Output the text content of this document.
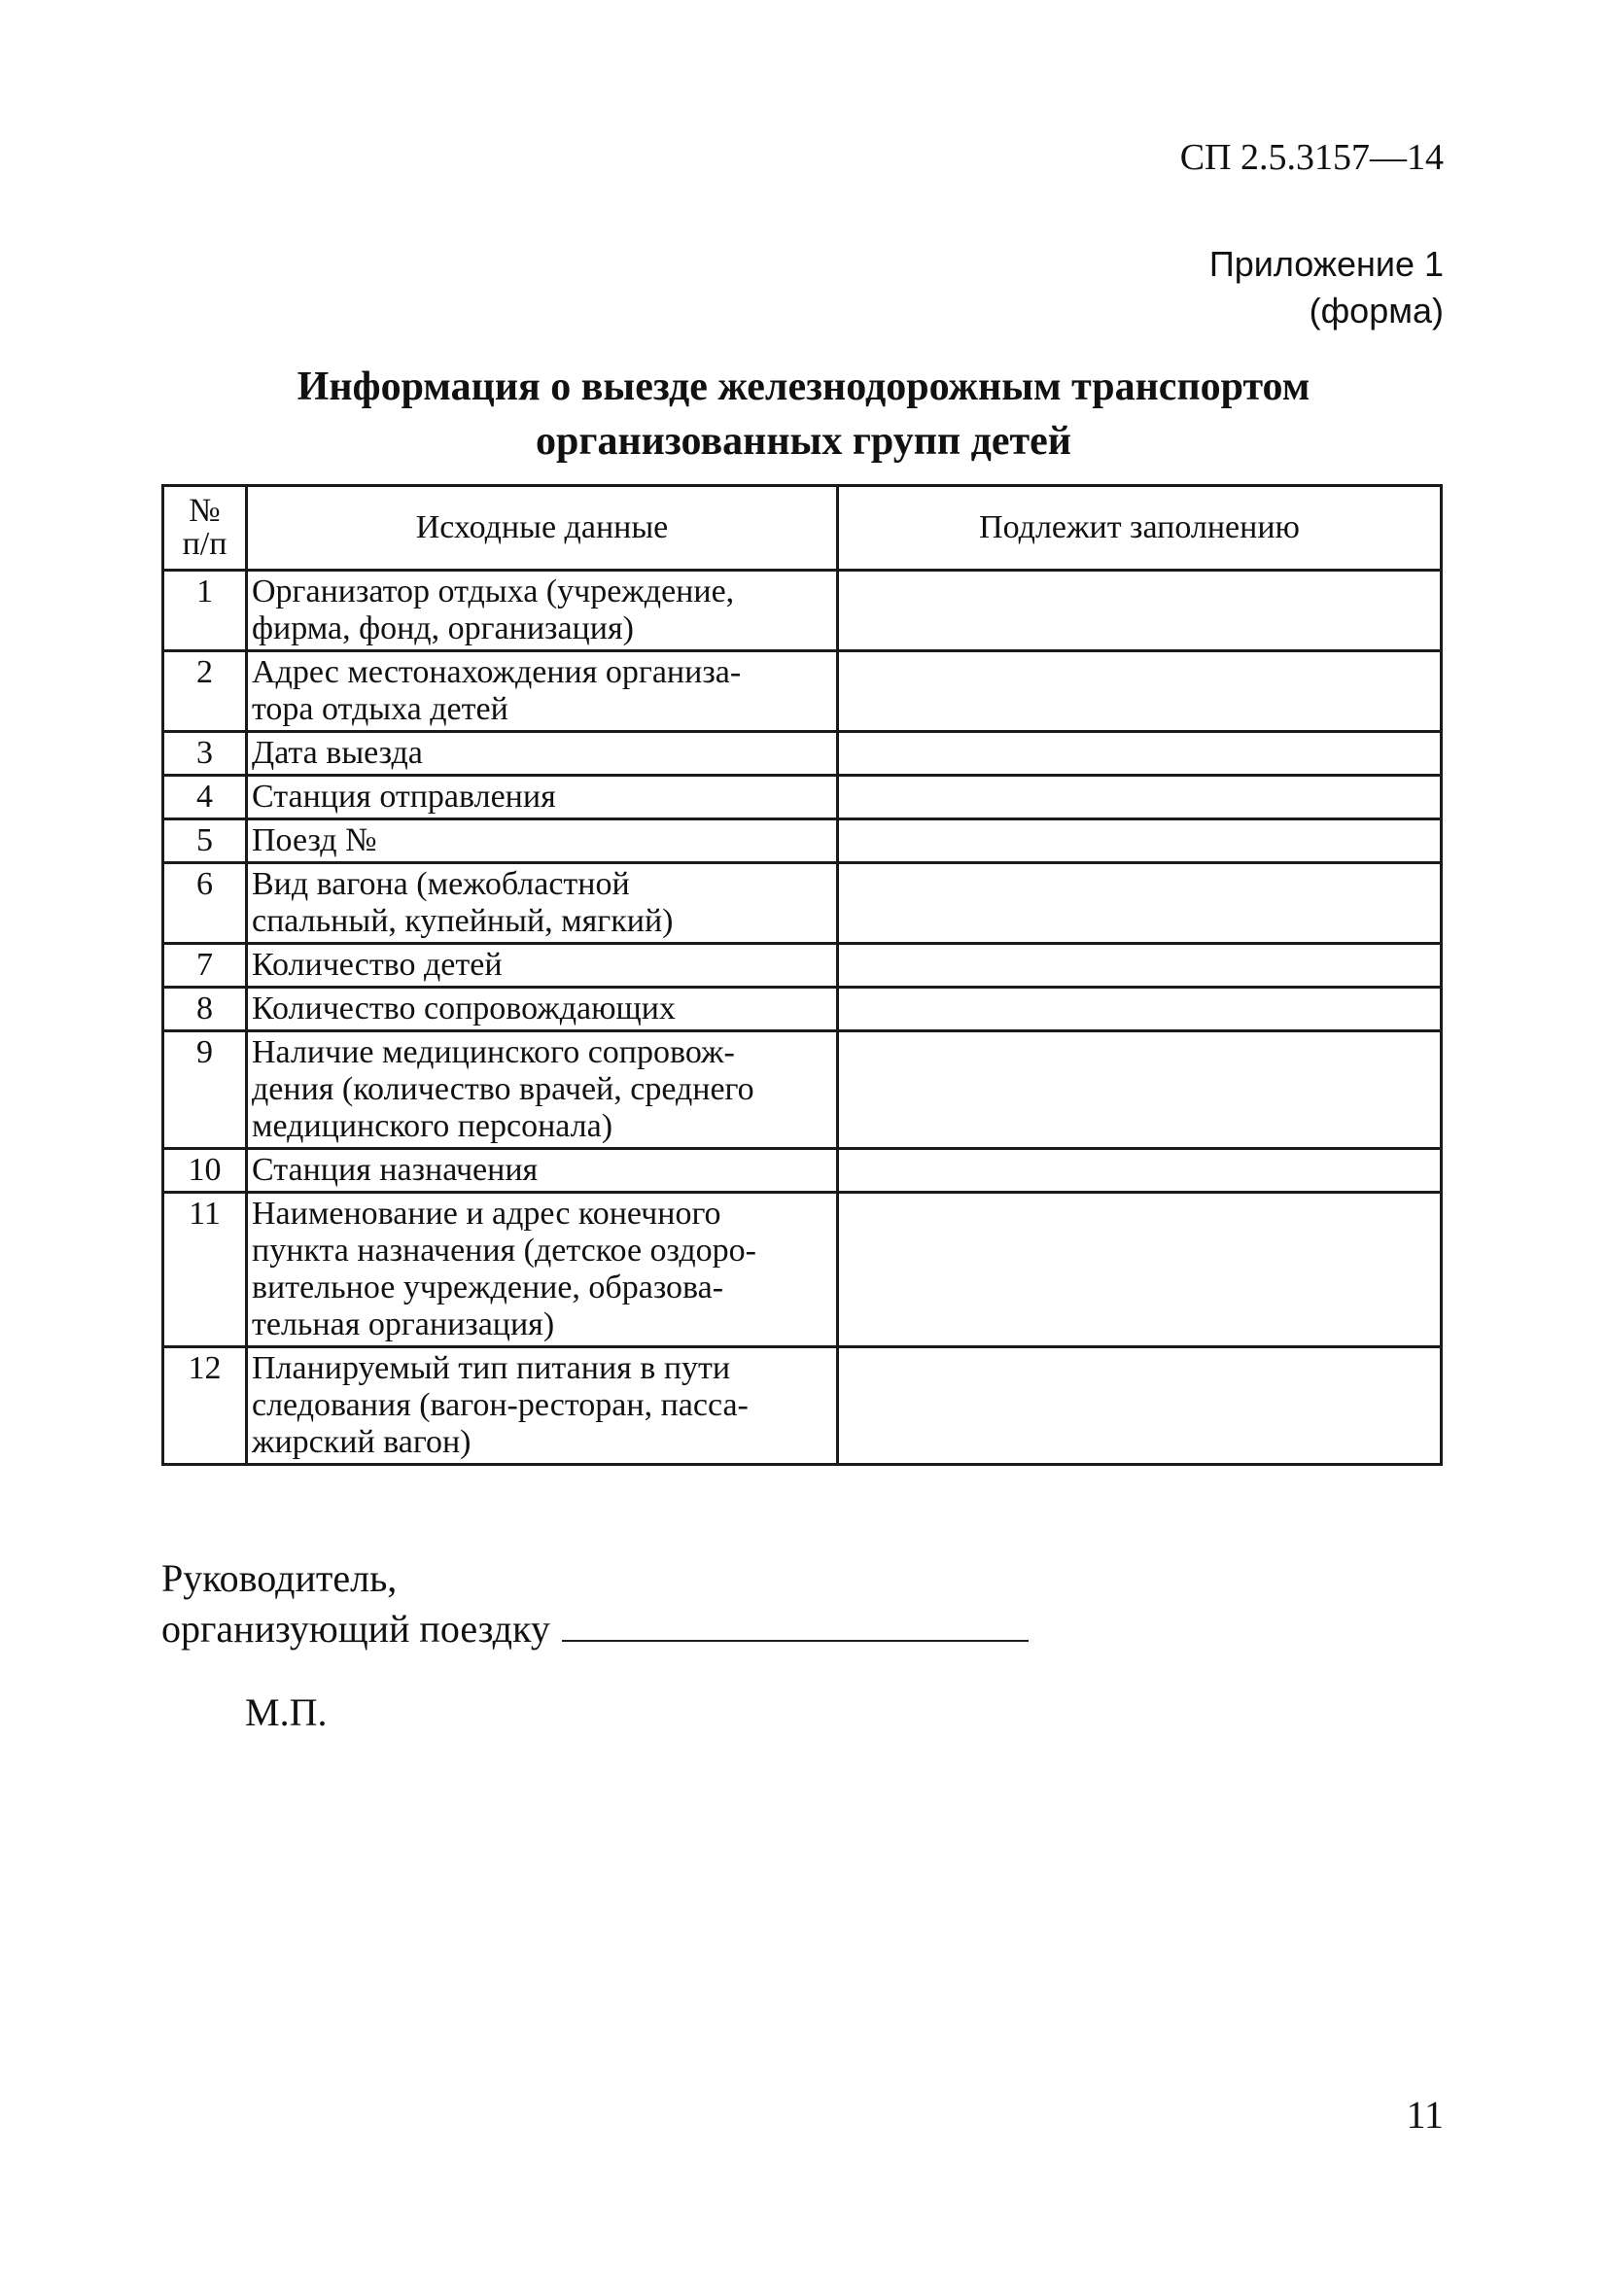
СП 2.5.3157—14
Приложение 1
(форма)
Информация о выезде железнодорожным транспортом
организованных групп детей
№
п/п	Исходные данные	Подлежит заполнению
1	Организатор отдыха (учреждение,
фирма, фонд, организация)	

2	Адрес местонахождения организа-
тора отдыха детей	

3	Дата выезда	

4	Станция отправления	

5	Поезд №	

6	Вид вагона (межобластной
спальный, купейный, мягкий)	

7	Количество детей	

8	Количество сопровождающих	

9	Наличие медицинского сопровож-
дения (количество врачей, среднего
медицинского персонала)	

10	Станция назначения	

11	Наименование и адрес конечного
пункта назначения (детское оздоро-
вительное учреждение, образова-
тельная организация)	

12	Планируемый тип питания в пути
следования (вагон-ресторан, пасса-
жирский вагон)	

Руководитель,
организующий поездку
М.П.
11
